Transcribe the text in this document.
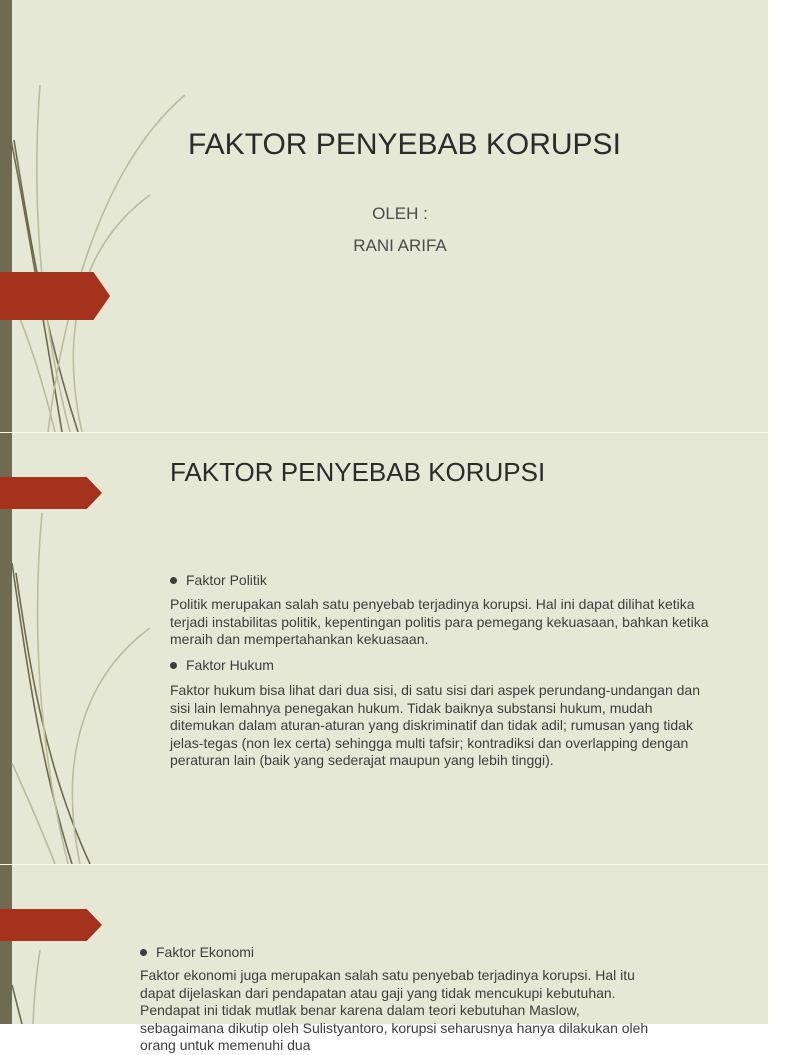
FAKTOR PENYEBAB KORUPSI
OLEH :
RANI ARIFA
FAKTOR PENYEBAB KORUPSI
Faktor Politik

Politik merupakan salah satu penyebab terjadinya korupsi. Hal ini dapat dilihat ketika terjadi instabilitas politik, kepentingan politis para pemegang kekuasaan, bahkan ketika meraih dan mempertahankan kekuasaan.

Faktor Hukum

Faktor hukum bisa lihat dari dua sisi, di satu sisi dari aspek perundang-undangan dan sisi lain lemahnya penegakan hukum. Tidak baiknya substansi hukum, mudah ditemukan dalam aturan-aturan yang diskriminatif dan tidak adil; rumusan yang tidak jelas-tegas (non lex certa) sehingga multi tafsir; kontradiksi dan overlapping dengan peraturan lain (baik yang sederajat maupun yang lebih tinggi).

Faktor Ekonomi

Faktor ekonomi juga merupakan salah satu penyebab terjadinya korupsi. Hal itu dapat dijelaskan dari pendapatan atau gaji yang tidak mencukupi kebutuhan. Pendapat ini tidak mutlak benar karena dalam teori kebutuhan Maslow, sebagaimana dikutip oleh Sulistyantoro, korupsi seharusnya hanya dilakukan oleh orang untuk memenuhi dua
